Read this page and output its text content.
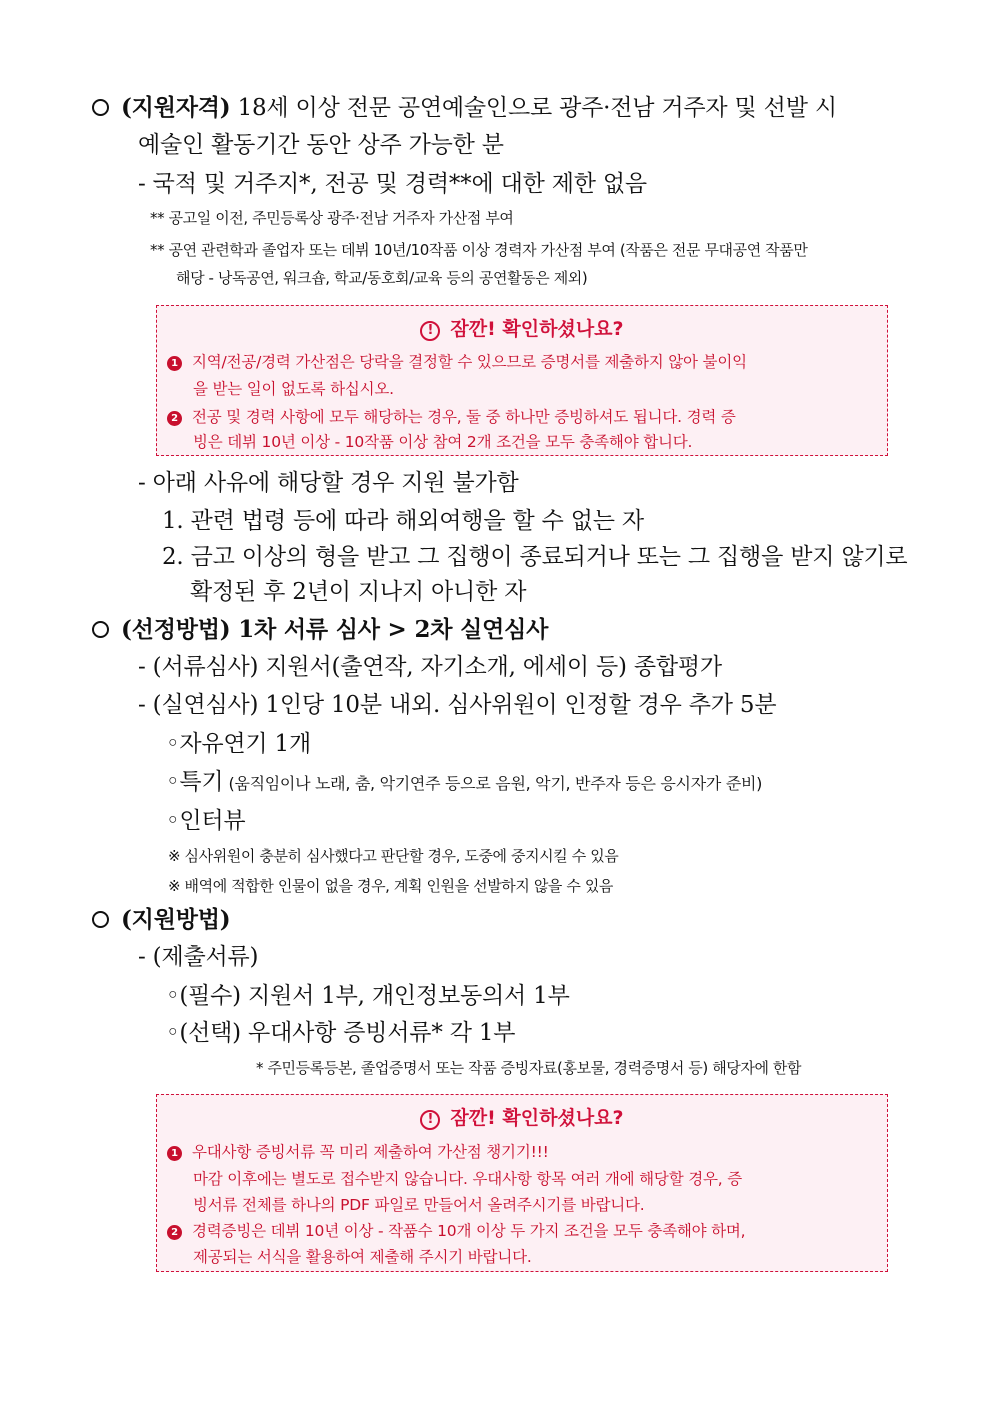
(지원자격) 18세 이상 전문 공연예술인으로 광주·전남 거주자 및 선발 시
예술인 활동기간 동안 상주 가능한 분
- 국적 및 거주지*, 전공 및 경력**에 대한 제한 없음
** 공고일 이전, 주민등록상 광주·전남 거주자 가산점 부여
** 공연 관련학과 졸업자 또는 데뷔 10년/10작품 이상 경력자 가산점 부여 (작품은 전문 무대공연 작품만
해당 - 낭독공연, 워크숍, 학교/동호회/교육 등의 공연활동은 제외)
! 잠깐! 확인하셨나요?
1 지역/전공/경력 가산점은 당락을 결정할 수 있으므로 증명서를 제출하지 않아 불이익
을 받는 일이 없도록 하십시오.
2 전공 및 경력 사항에 모두 해당하는 경우, 둘 중 하나만 증빙하셔도 됩니다. 경력 증
빙은 데뷔 10년 이상 - 10작품 이상 참여 2개 조건을 모두 충족해야 합니다.
- 아래 사유에 해당할 경우 지원 불가함
1. 관련 법령 등에 따라 해외여행을 할 수 없는 자
2. 금고 이상의 형을 받고 그 집행이 종료되거나 또는 그 집행을 받지 않기로
확정된 후 2년이 지나지 아니한 자
(선정방법) 1차 서류 심사 > 2차 실연심사
- (서류심사) 지원서(출연작, 자기소개, 에세이 등) 종합평가
- (실연심사) 1인당 10분 내외. 심사위원이 인정할 경우 추가 5분
◦자유연기 1개
◦특기 (움직임이나 노래, 춤, 악기연주 등으로 음원, 악기, 반주자 등은 응시자가 준비)
◦인터뷰
※ 심사위원이 충분히 심사했다고 판단할 경우, 도중에 중지시킬 수 있음
※ 배역에 적합한 인물이 없을 경우, 계획 인원을 선발하지 않을 수 있음
(지원방법)
- (제출서류)
◦(필수) 지원서 1부, 개인정보동의서 1부
◦(선택) 우대사항 증빙서류* 각 1부
* 주민등록등본, 졸업증명서 또는 작품 증빙자료(홍보물, 경력증명서 등) 해당자에 한함
! 잠깐! 확인하셨나요?
1 우대사항 증빙서류 꼭 미리 제출하여 가산점 챙기기!!!
마감 이후에는 별도로 접수받지 않습니다. 우대사항 항목 여러 개에 해당할 경우, 증
빙서류 전체를 하나의 PDF 파일로 만들어서 올려주시기를 바랍니다.
2 경력증빙은 데뷔 10년 이상 - 작품수 10개 이상 두 가지 조건을 모두 충족해야 하며,
제공되는 서식을 활용하여 제출해 주시기 바랍니다.
